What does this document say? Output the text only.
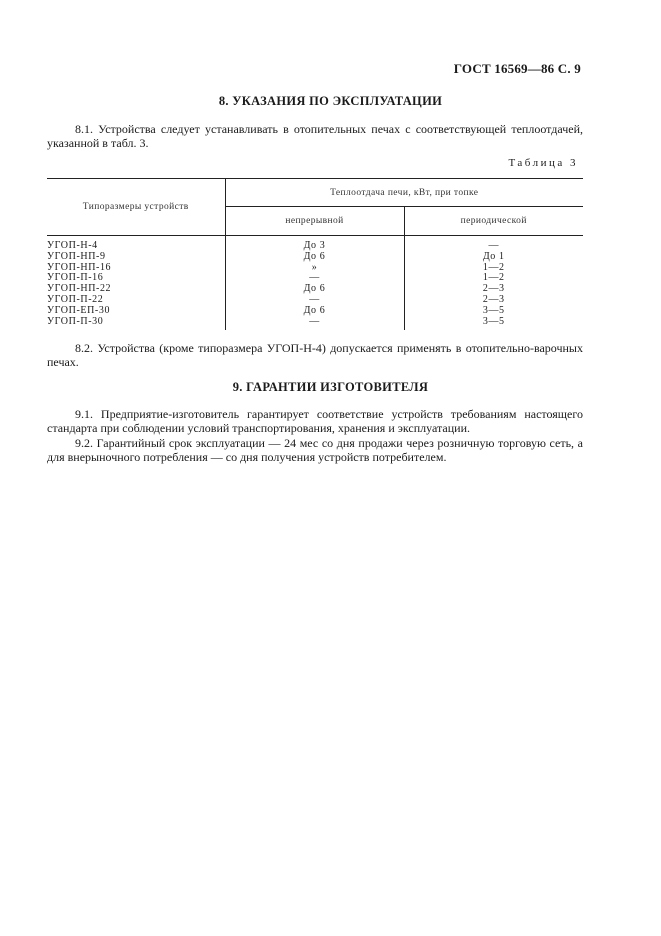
ГОСТ 16569—86 С. 9
8. УКАЗАНИЯ ПО ЭКСПЛУАТАЦИИ
8.1. Устройства следует устанавливать в отопительных печах с соответствующей теплоотдачей, указанной в табл. 3.
Таблица 3
Типоразмеры устройств	Теплоотдача печи, кВт, при топке	
	непрерывной	периодической
УГОП-Н-4	До 3	—
УГОП-НП-9	До 6	До 1
УГОП-НП-16	»	1—2
УГОП-П-16	—	1—2
УГОП-НП-22	До 6	2—3
УГОП-П-22	—	2—3
УГОП-ЕП-30	До 6	3—5
УГОП-П-30	—	3—5
8.2. Устройства (кроме типоразмера УГОП-Н-4) допускается применять в отопительно-варочных печах.
9. ГАРАНТИИ ИЗГОТОВИТЕЛЯ
9.1. Предприятие-изготовитель гарантирует соответствие устройств требованиям настоящего стандарта при соблюдении условий транспортирования, хранения и эксплуатации.
9.2. Гарантийный срок эксплуатации — 24 мес со дня продажи через розничную торговую сеть, а для внерыночного потребления — со дня получения устройств потребителем.
